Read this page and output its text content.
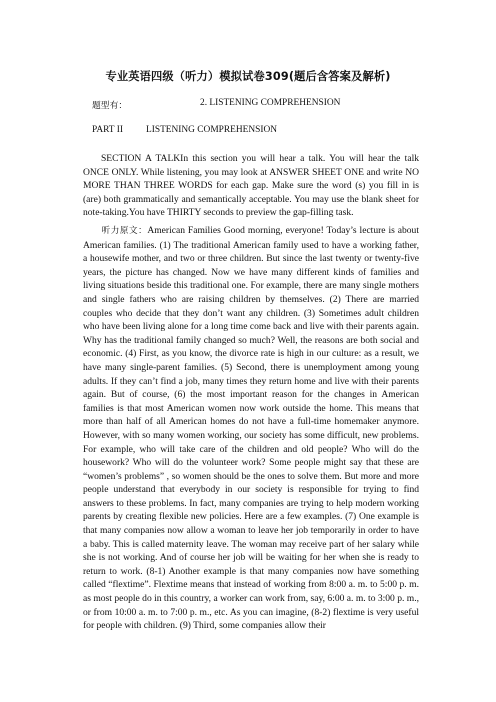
专业英语四级（听力）模拟试卷309(题后含答案及解析)
题型有：	2. LISTENING COMPREHENSION
PART II LISTENING COMPREHENSION
SECTION A TALKIn this section you will hear a talk. You will hear the talk ONCE ONLY. While listening, you may look at ANSWER SHEET ONE and write NO MORE THAN THREE WORDS for each gap. Make sure the word (s) you fill in is (are) both grammatically and semantically acceptable. You may use the blank sheet for note-taking.You have THIRTY seconds to preview the gap-filling task.
听力原文：American Families Good morning, everyone! Today’s lecture is about American families. (1) The traditional American family used to have a working father, a housewife mother, and two or three children. But since the last twenty or twenty-five years, the picture has changed. Now we have many different kinds of families and living situations beside this traditional one. For example, there are many single mothers and single fathers who are raising children by themselves. (2) There are married couples who decide that they don’t want any children. (3) Sometimes adult children who have been living alone for a long time come back and live with their parents again. Why has the traditional family changed so much? Well, the reasons are both social and economic. (4) First, as you know, the divorce rate is high in our culture: as a result, we have many single-parent families. (5) Second, there is unemployment among young adults. If they can’t find a job, many times they return home and live with their parents again. But of course, (6) the most important reason for the changes in American families is that most American women now work outside the home. This means that more than half of all American homes do not have a full-time homemaker anymore. However, with so many women working, our society has some difficult, new problems. For example, who will take care of the children and old people? Who will do the housework? Who will do the volunteer work? Some people might say that these are “women’s problems” , so women should be the ones to solve them. But more and more people understand that everybody in our society is responsible for trying to find answers to these problems. In fact, many companies are trying to help modern working parents by creating flexible new policies. Here are a few examples. (7) One example is that many companies now allow a woman to leave her job temporarily in order to have a baby. This is called maternity leave. The woman may receive part of her salary while she is not working. And of course her job will be waiting for her when she is ready to return to work. (8-1) Another example is that many companies now have something called “flextime”. Flextime means that instead of working from 8:00 a. m. to 5:00 p. m. as most people do in this country, a worker can work from, say, 6:00 a. m. to 3:00 p. m., or from 10:00 a. m. to 7:00 p. m., etc. As you can imagine, (8-2) flextime is very useful for people with children. (9) Third, some companies allow their
